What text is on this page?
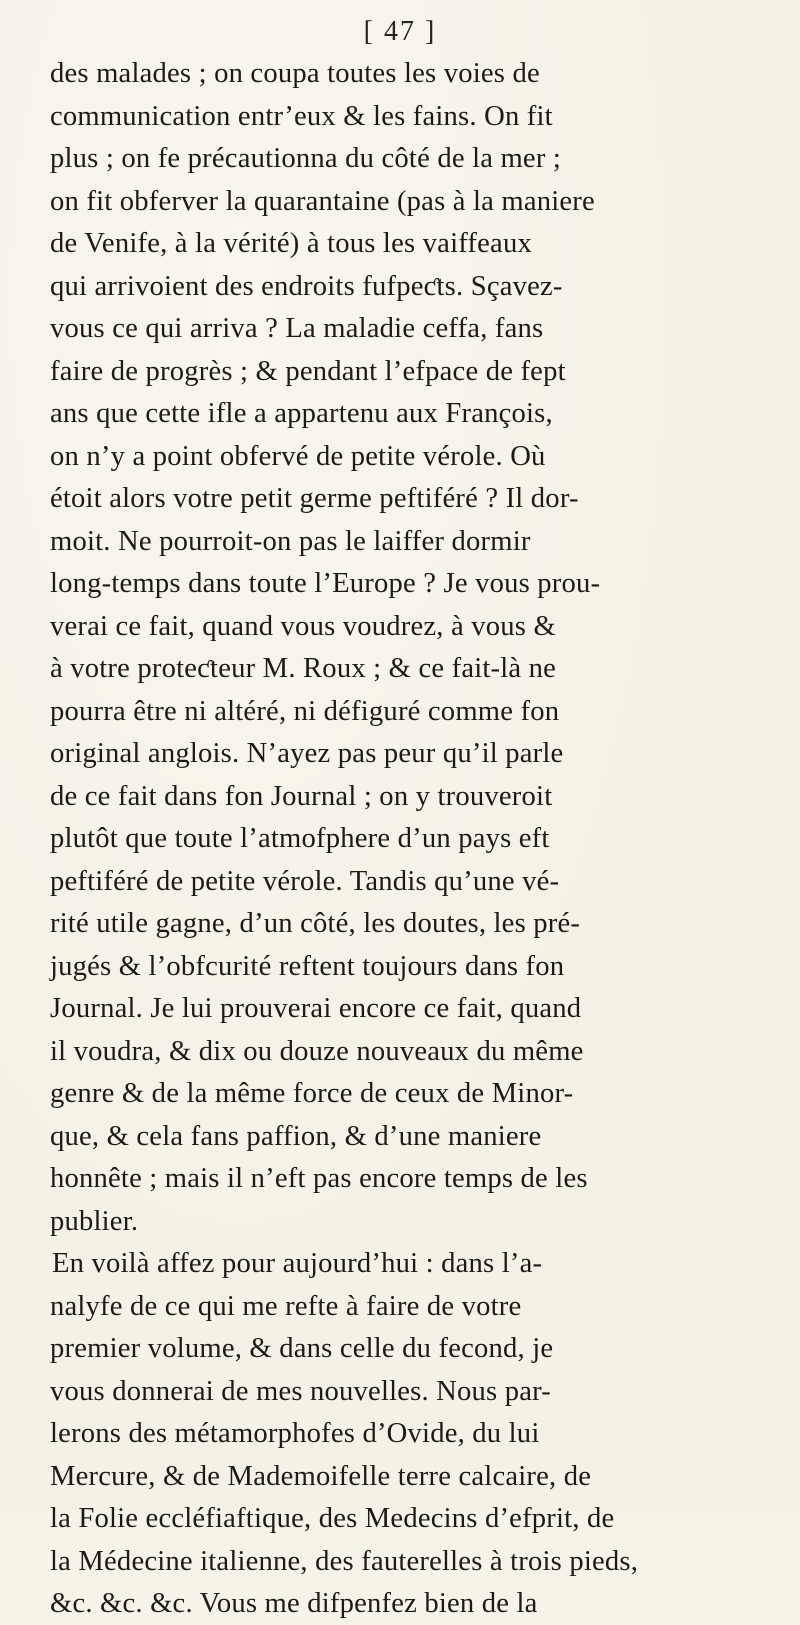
[ 47 ]
des malades ; on coupa toutes les voies de
communication entr’eux & les fains. On fit
plus ; on fe précautionna du côté de la mer ;
on fit obferver la quarantaine (pas à la maniere
de Venife, à la vérité) à tous les vaiffeaux
qui arrivoient des endroits fufpeƈts. Sçavez-
vous ce qui arriva ? La maladie ceffa, fans
faire de progrès ; & pendant l’efpace de fept
ans que cette ifle a appartenu aux François,
on n’y a point obfervé de petite vérole. Où
étoit alors votre petit germe peftiféré ? Il dor-
moit. Ne pourroit-on pas le laiffer dormir
long-temps dans toute l’Europe ? Je vous prou-
verai ce fait, quand vous voudrez, à vous &
à votre proteƈteur M. Roux ; & ce fait-là ne
pourra être ni altéré, ni défiguré comme fon
original anglois. N’ayez pas peur qu’il parle
de ce fait dans fon Journal ; on y trouveroit
plutôt que toute l’atmofphere d’un pays eft
peftiféré de petite vérole. Tandis qu’une vé-
rité utile gagne, d’un côté, les doutes, les pré-
jugés & l’obfcurité reftent toujours dans fon
Journal. Je lui prouverai encore ce fait, quand
il voudra, & dix ou douze nouveaux du même
genre & de la même force de ceux de Minor-
que, & cela fans paffion, & d’une maniere
honnête ; mais il n’eft pas encore temps de les
publier.
En voilà affez pour aujourd’hui : dans l’a-
nalyfe de ce qui me refte à faire de votre
premier volume, & dans celle du fecond, je
vous donnerai de mes nouvelles. Nous par-
lerons des métamorphofes d’Ovide, du lui
Mercure, & de Mademoifelle terre calcaire, de
la Folie eccléfiaftique, des Medecins d’efprit, de
la Médecine italienne, des fauterelles à trois pieds,
&c. &c. &c. Vous me difpenfez bien de la
